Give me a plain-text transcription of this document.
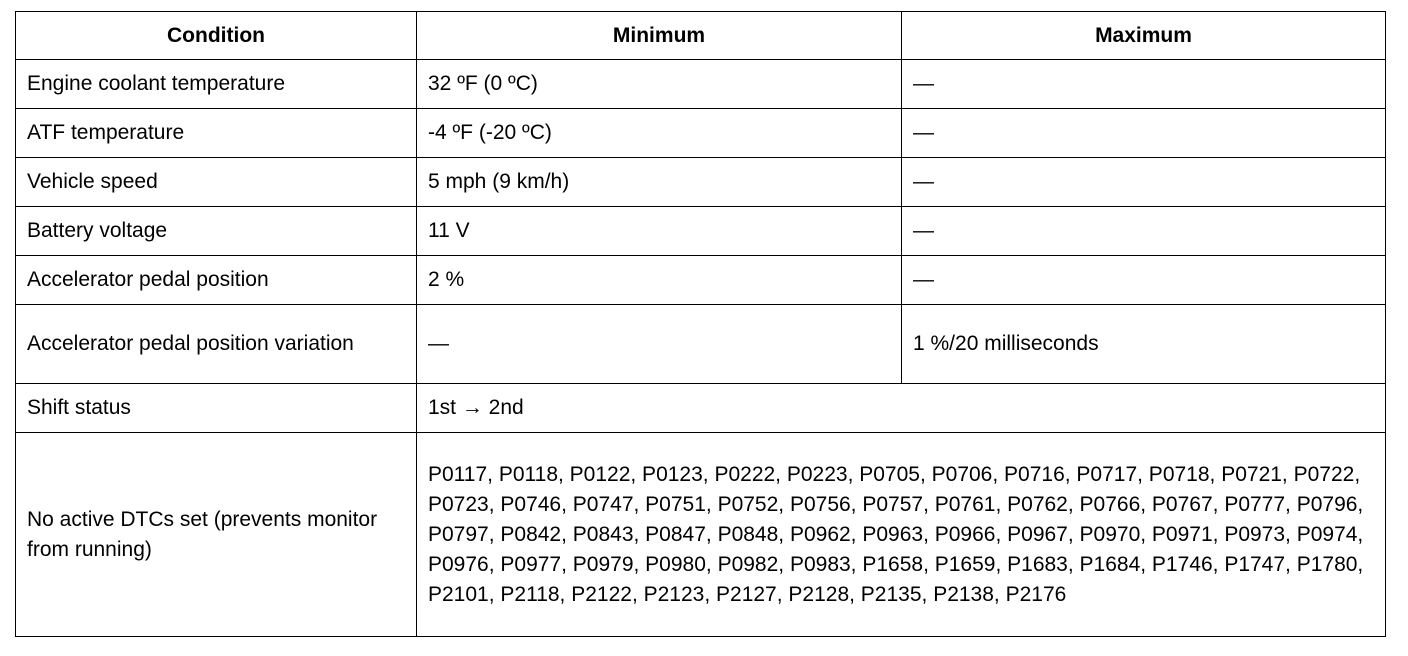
Condition	Minimum	Maximum
Engine coolant temperature	32 ºF (0 ºC)	—
ATF temperature	-4 ºF (-20 ºC)	—
Vehicle speed	5 mph (9 km/h)	—
Battery voltage	11 V	—
Accelerator pedal position	2 %	—
Accelerator pedal position variation	—	1 %/20 milliseconds
Shift status	1st → 2nd	
No active DTCs set (prevents monitor from running)	P0117, P0118, P0122, P0123, P0222, P0223, P0705, P0706, P0716, P0717, P0718, P0721, P0722, P0723, P0746, P0747, P0751, P0752, P0756, P0757, P0761, P0762, P0766, P0767, P0777, P0796, P0797, P0842, P0843, P0847, P0848, P0962, P0963, P0966, P0967, P0970, P0971, P0973, P0974, P0976, P0977, P0979, P0980, P0982, P0983, P1658, P1659, P1683, P1684, P1746, P1747, P1780, P2101, P2118, P2122, P2123, P2127, P2128, P2135, P2138, P2176	
